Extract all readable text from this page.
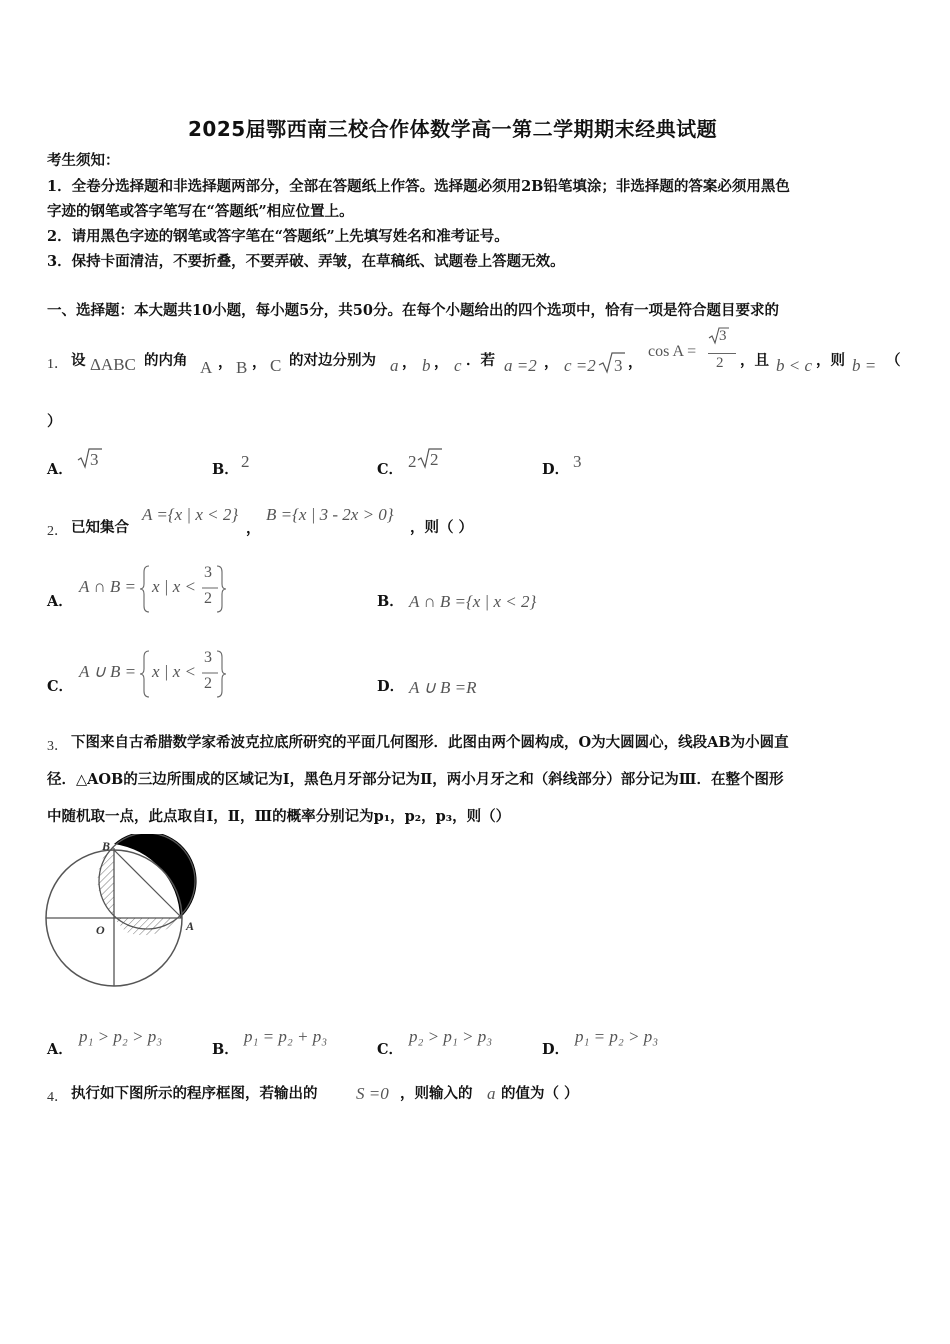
2025届鄂西南三校合作体数学高一第二学期期末经典试题
考生须知：
1．全卷分选择题和非选择题两部分，全部在答题纸上作答。选择题必须用2B铅笔填涂；非选择题的答案必须用黑色
字迹的钢笔或答字笔写在“答题纸”相应位置上。
2．请用黑色字迹的钢笔或答字笔在“答题纸”上先填写姓名和准考证号。
3．保持卡面清洁，不要折叠，不要弄破、弄皱，在草稿纸、试题卷上答题无效。
一、选择题：本大题共10小题，每小题5分，共50分。在每个小题给出的四个选项中，恰有一项是符合题目要求的
1． 设 ΔABC 的内角 A ， B ， C 的对边分别为 a ， b ， c ．若 a =2 ， c =2 3 ，
cos A =
3
2 ，且 b < c ，则 b = （
）
A．
3
B． 2	C． 2 2
D． 3
2． 已知集合
A ={x | x < 2}
，
B ={x | 3 - 2x > 0}
，则（ ）
A．
A ∩ B = x | x <
3
2	B． A ∩ B ={x | x < 2}
C．
A ∪ B = x | x <
3
2	D． A ∪ B =R
3． 下图来自古希腊数学家希波克拉底所研究的平面几何图形．此图由两个圆构成，O为大圆圆心，线段AB为小圆直
径．△AOB的三边所围成的区域记为I，黑色月牙部分记为Ⅱ，两小月牙之和（斜线部分）部分记为Ⅲ．在整个图形
中随机取一点，此点取自Ⅰ，Ⅱ，Ⅲ的概率分别记为p₁，p₂，p₃，则（）
B
O	A
A．
p₁ > p₂ > p₃
B．
p₁ = p₂ + p₃
C．
p₂ > p₁ > p₃
D．
p₁ = p₂ > p₃
4． 执行如下图所示的程序框图，若输出的 S =0 ，则输入的 a 的值为（ ）
